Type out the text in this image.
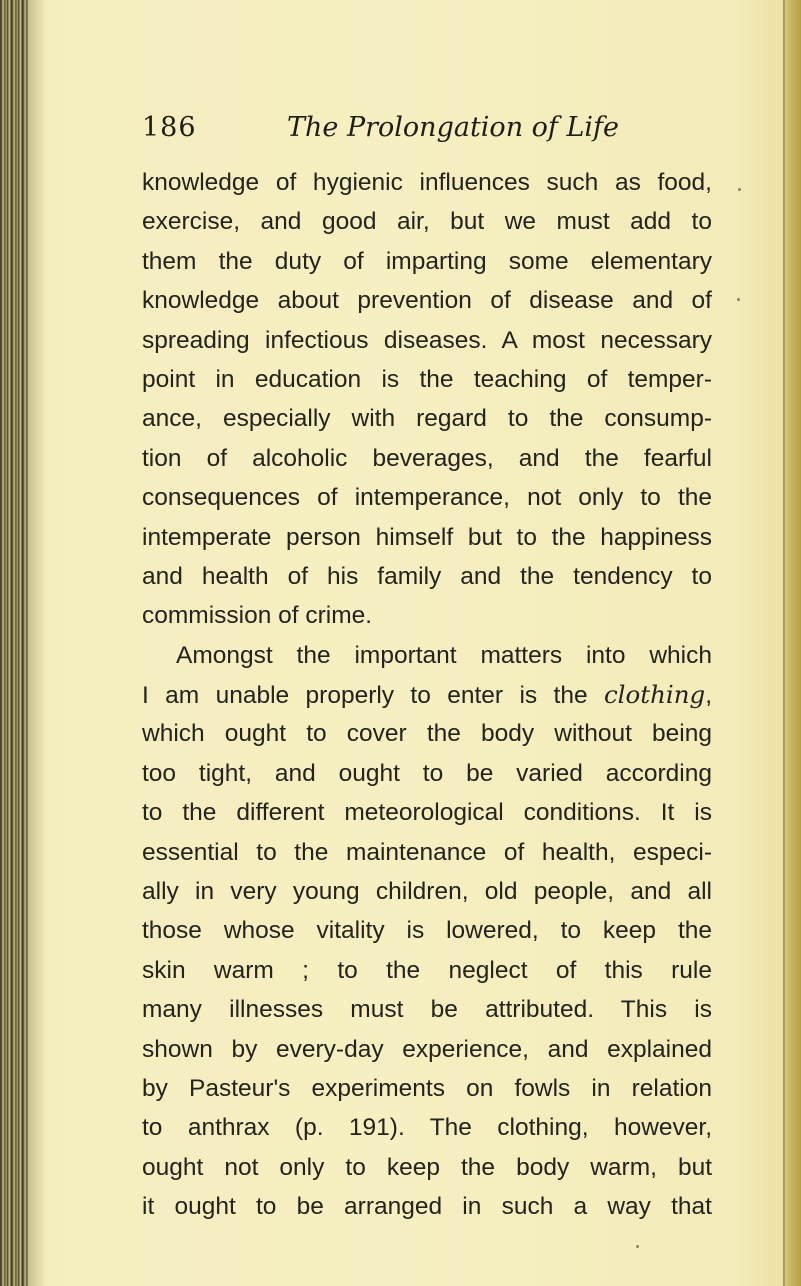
186	The Prolongation of Life
knowledge of hygienic influences such as food,
exercise, and good air, but we must add to
them the duty of imparting some elementary
knowledge about prevention of disease and of
spreading infectious diseases. A most necessary
point in education is the teaching of temper-
ance, especially with regard to the consump-
tion of alcoholic beverages, and the fearful
consequences of intemperance, not only to the
intemperate person himself but to the happiness
and health of his family and the tendency to
commission of crime.
Amongst the important matters into which
I am unable properly to enter is the clothing,
which ought to cover the body without being
too tight, and ought to be varied according
to the different meteorological conditions. It is
essential to the maintenance of health, especi-
ally in very young children, old people, and all
those whose vitality is lowered, to keep the
skin warm ; to the neglect of this rule
many illnesses must be attributed. This is
shown by every-day experience, and explained
by Pasteur's experiments on fowls in relation
to anthrax (p. 191). The clothing, however,
ought not only to keep the body warm, but
it ought to be arranged in such a way that
